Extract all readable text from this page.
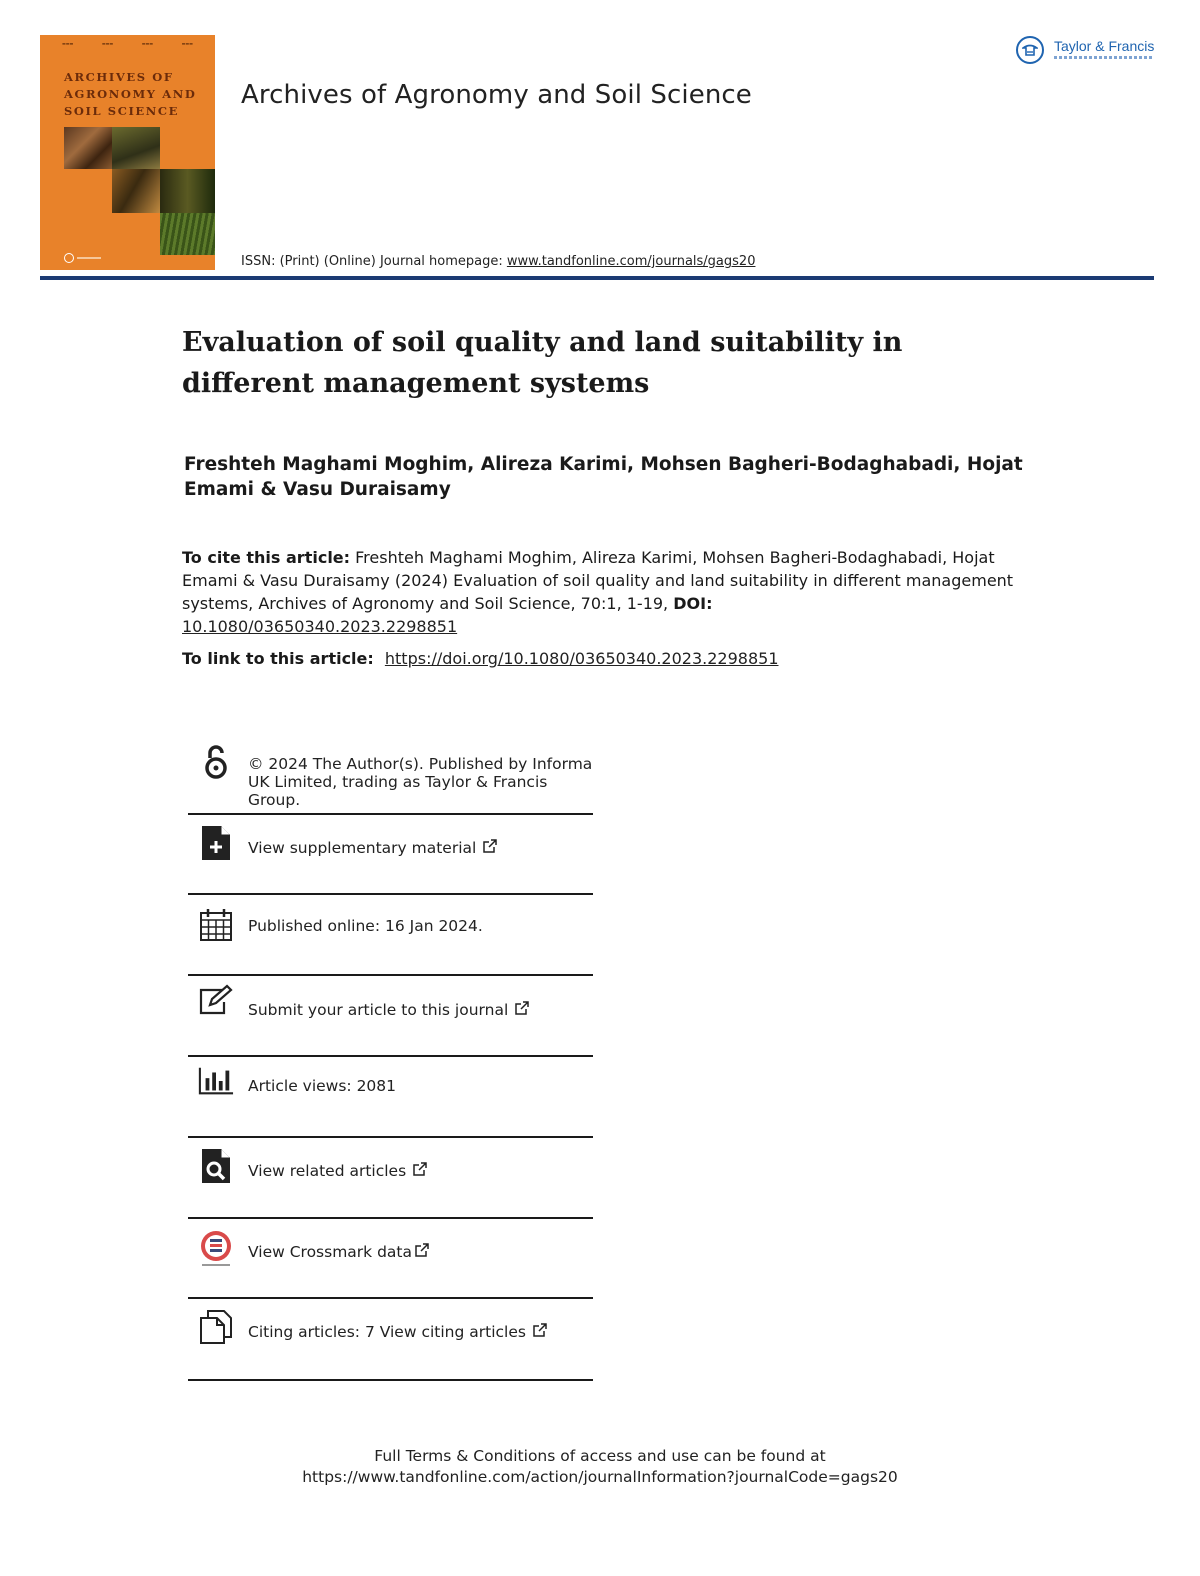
▬▬▬	▬▬▬	▬▬▬	▬▬▬
ARCHIVES OF AGRONOMY AND SOIL SCIENCE
Archives of Agronomy and Soil Science
Taylor & Francis
ISSN: (Print) (Online) Journal homepage: www.tandfonline.com/journals/gags20
Evaluation of soil quality and land suitability in different management systems
Freshteh Maghami Moghim, Alireza Karimi, Mohsen Bagheri-Bodaghabadi, Hojat Emami & Vasu Duraisamy
To cite this article: Freshteh Maghami Moghim, Alireza Karimi, Mohsen Bagheri-Bodaghabadi, Hojat Emami & Vasu Duraisamy (2024) Evaluation of soil quality and land suitability in different management systems, Archives of Agronomy and Soil Science, 70:1, 1-19, DOI:
10.1080/03650340.2023.2298851
To link to this article: https://doi.org/10.1080/03650340.2023.2298851
© 2024 The Author(s). Published by Informa UK Limited, trading as Taylor & Francis Group.
View supplementary material
Published online: 16 Jan 2024.
Submit your article to this journal
Article views: 2081
View related articles
View Crossmark data
Citing articles: 7 View citing articles
Full Terms & Conditions of access and use can be found at
https://www.tandfonline.com/action/journalInformation?journalCode=gags20
